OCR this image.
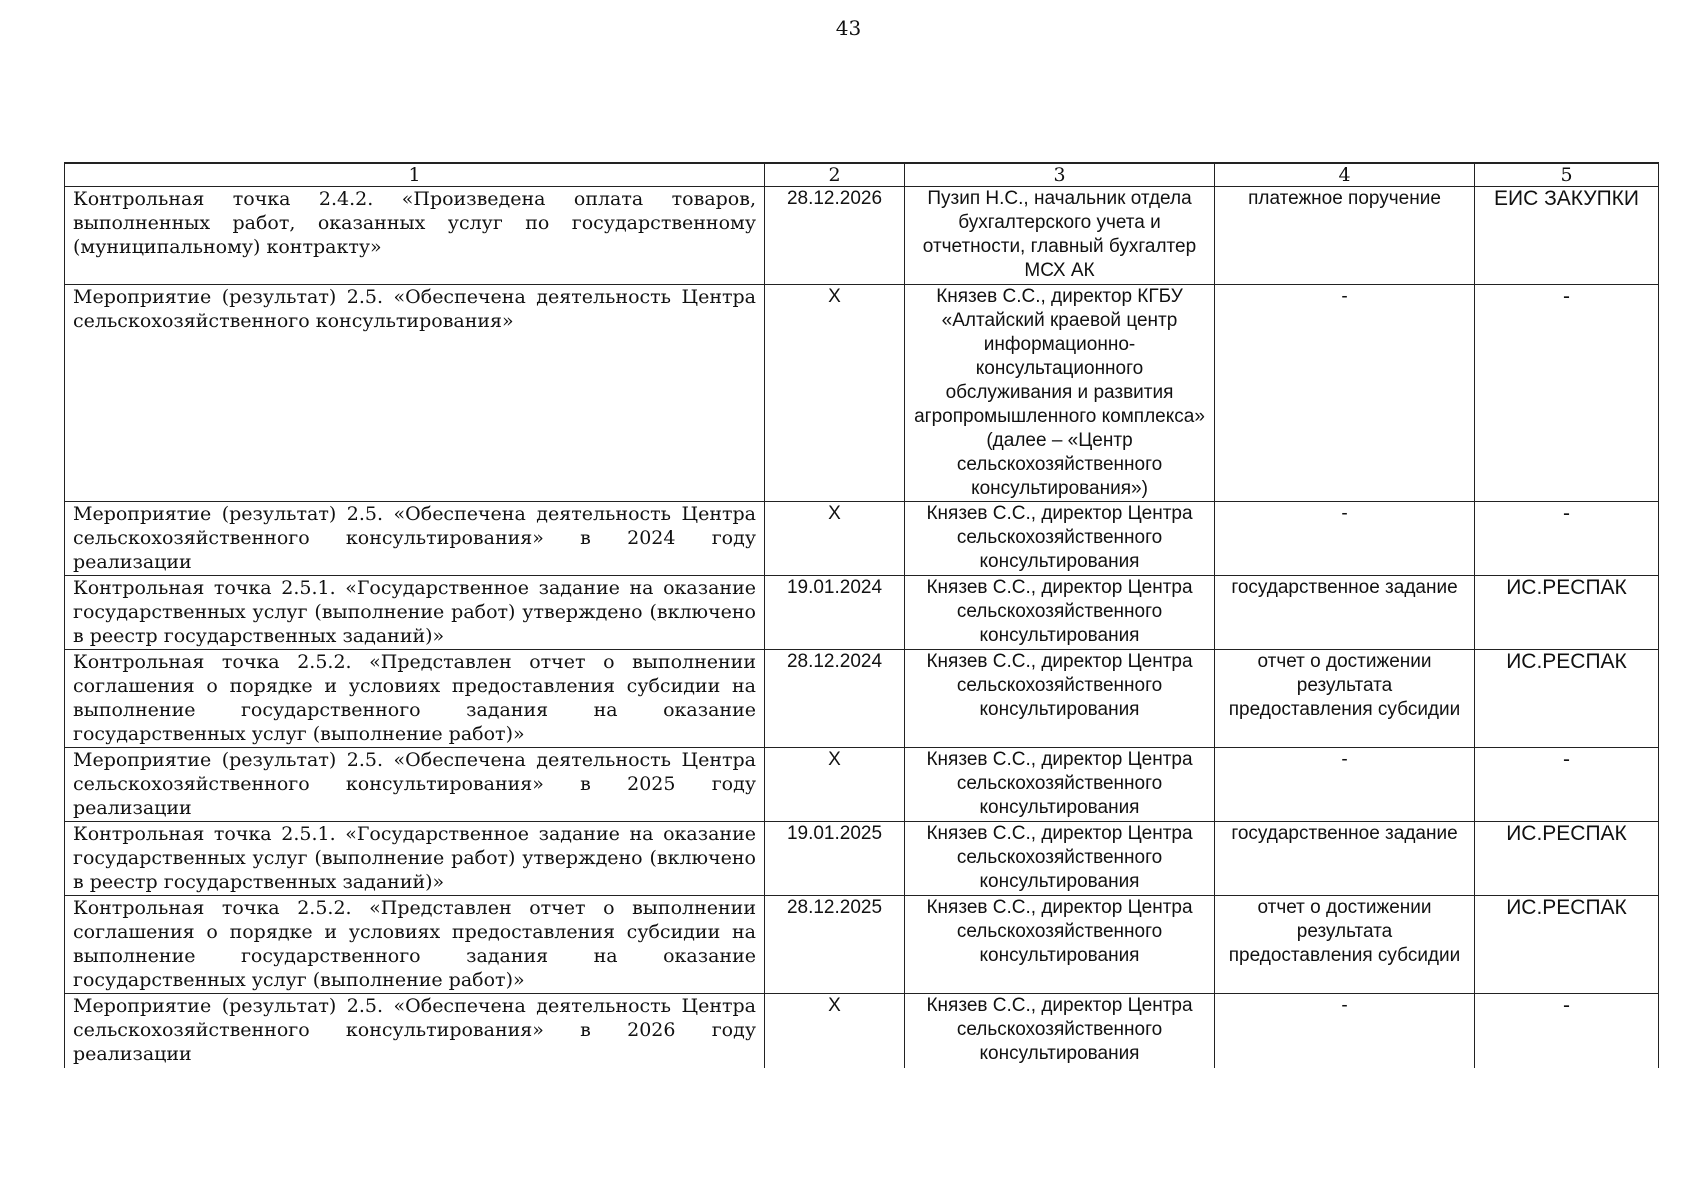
43
1	2	3	4	5
Контрольная точка 2.4.2. «Произведена оплата товаров, выполненных работ, оказанных услуг по государственному (муниципальному) контракту»	28.12.2026	Пузип Н.С., начальник отдела бухгалтерского учета и отчетности, главный бухгалтер МСХ АК	платежное поручение	ЕИС ЗАКУПКИ
Мероприятие (результат) 2.5. «Обеспечена деятельность Центра сельскохозяйственного консультирования»	X	Князев С.С., директор КГБУ «Алтайский краевой центр информационно-консультационного обслуживания и развития агропромышленного комплекса» (далее – «Центр сельскохозяйственного консультирования»)	-	-
Мероприятие (результат) 2.5. «Обеспечена деятельность Центра сельскохозяйственного консультирования» в 2024 году реализации	X	Князев С.С., директор Центра сельскохозяйственного консультирования	-	-
Контрольная точка 2.5.1. «Государственное задание на оказание государственных услуг (выполнение работ) утверждено (включено в реестр государственных заданий)»	19.01.2024	Князев С.С., директор Центра сельскохозяйственного консультирования	государственное задание	ИС.РЕСПАК
Контрольная точка 2.5.2. «Представлен отчет о выполнении соглашения о порядке и условиях предоставления субсидии на выполнение государственного задания на оказание государственных услуг (выполнение работ)»	28.12.2024	Князев С.С., директор Центра сельскохозяйственного консультирования	отчет о достижении результата предоставления субсидии	ИС.РЕСПАК
Мероприятие (результат) 2.5. «Обеспечена деятельность Центра сельскохозяйственного консультирования» в 2025 году реализации	X	Князев С.С., директор Центра сельскохозяйственного консультирования	-	-
Контрольная точка 2.5.1. «Государственное задание на оказание государственных услуг (выполнение работ) утверждено (включено в реестр государственных заданий)»	19.01.2025	Князев С.С., директор Центра сельскохозяйственного консультирования	государственное задание	ИС.РЕСПАК
Контрольная точка 2.5.2. «Представлен отчет о выполнении соглашения о порядке и условиях предоставления субсидии на выполнение государственного задания на оказание государственных услуг (выполнение работ)»	28.12.2025	Князев С.С., директор Центра сельскохозяйственного консультирования	отчет о достижении результата предоставления субсидии	ИС.РЕСПАК
Мероприятие (результат) 2.5. «Обеспечена деятельность Центра сельскохозяйственного консультирования» в 2026 году реализации	X	Князев С.С., директор Центра сельскохозяйственного консультирования	-	-
